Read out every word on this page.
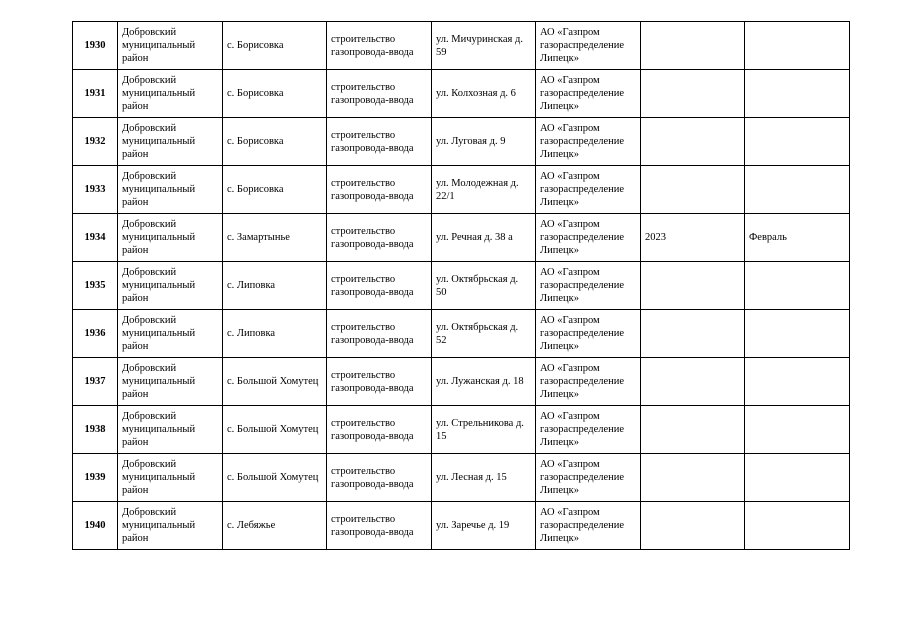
1930	Добровский муниципальный район	с. Борисовка	строительство газопровода-ввода	ул. Мичуринская д. 59	АО «Газпром газораспределение Липецк»		
1931	Добровский муниципальный район	с. Борисовка	строительство газопровода-ввода	ул. Колхозная д. 6	АО «Газпром газораспределение Липецк»		
1932	Добровский муниципальный район	с. Борисовка	строительство газопровода-ввода	ул. Луговая д. 9	АО «Газпром газораспределение Липецк»		
1933	Добровский муниципальный район	с. Борисовка	строительство газопровода-ввода	ул. Молодежная д. 22/1	АО «Газпром газораспределение Липецк»		
1934	Добровский муниципальный район	с. Замартынье	строительство газопровода-ввода	ул. Речная д. 38 а	АО «Газпром газораспределение Липецк»	2023	Февраль
1935	Добровский муниципальный район	с. Липовка	строительство газопровода-ввода	ул. Октябрьская д. 50	АО «Газпром газораспределение Липецк»		
1936	Добровский муниципальный район	с. Липовка	строительство газопровода-ввода	ул. Октябрьская д. 52	АО «Газпром газораспределение Липецк»		
1937	Добровский муниципальный район	с. Большой Хомутец	строительство газопровода-ввода	ул. Лужанская д. 18	АО «Газпром газораспределение Липецк»		
1938	Добровский муниципальный район	с. Большой Хомутец	строительство газопровода-ввода	ул. Стрельникова д. 15	АО «Газпром газораспределение Липецк»		
1939	Добровский муниципальный район	с. Большой Хомутец	строительство газопровода-ввода	ул. Лесная д. 15	АО «Газпром газораспределение Липецк»		
1940	Добровский муниципальный район	с. Лебяжье	строительство газопровода-ввода	ул. Заречье д. 19	АО «Газпром газораспределение Липецк»		
